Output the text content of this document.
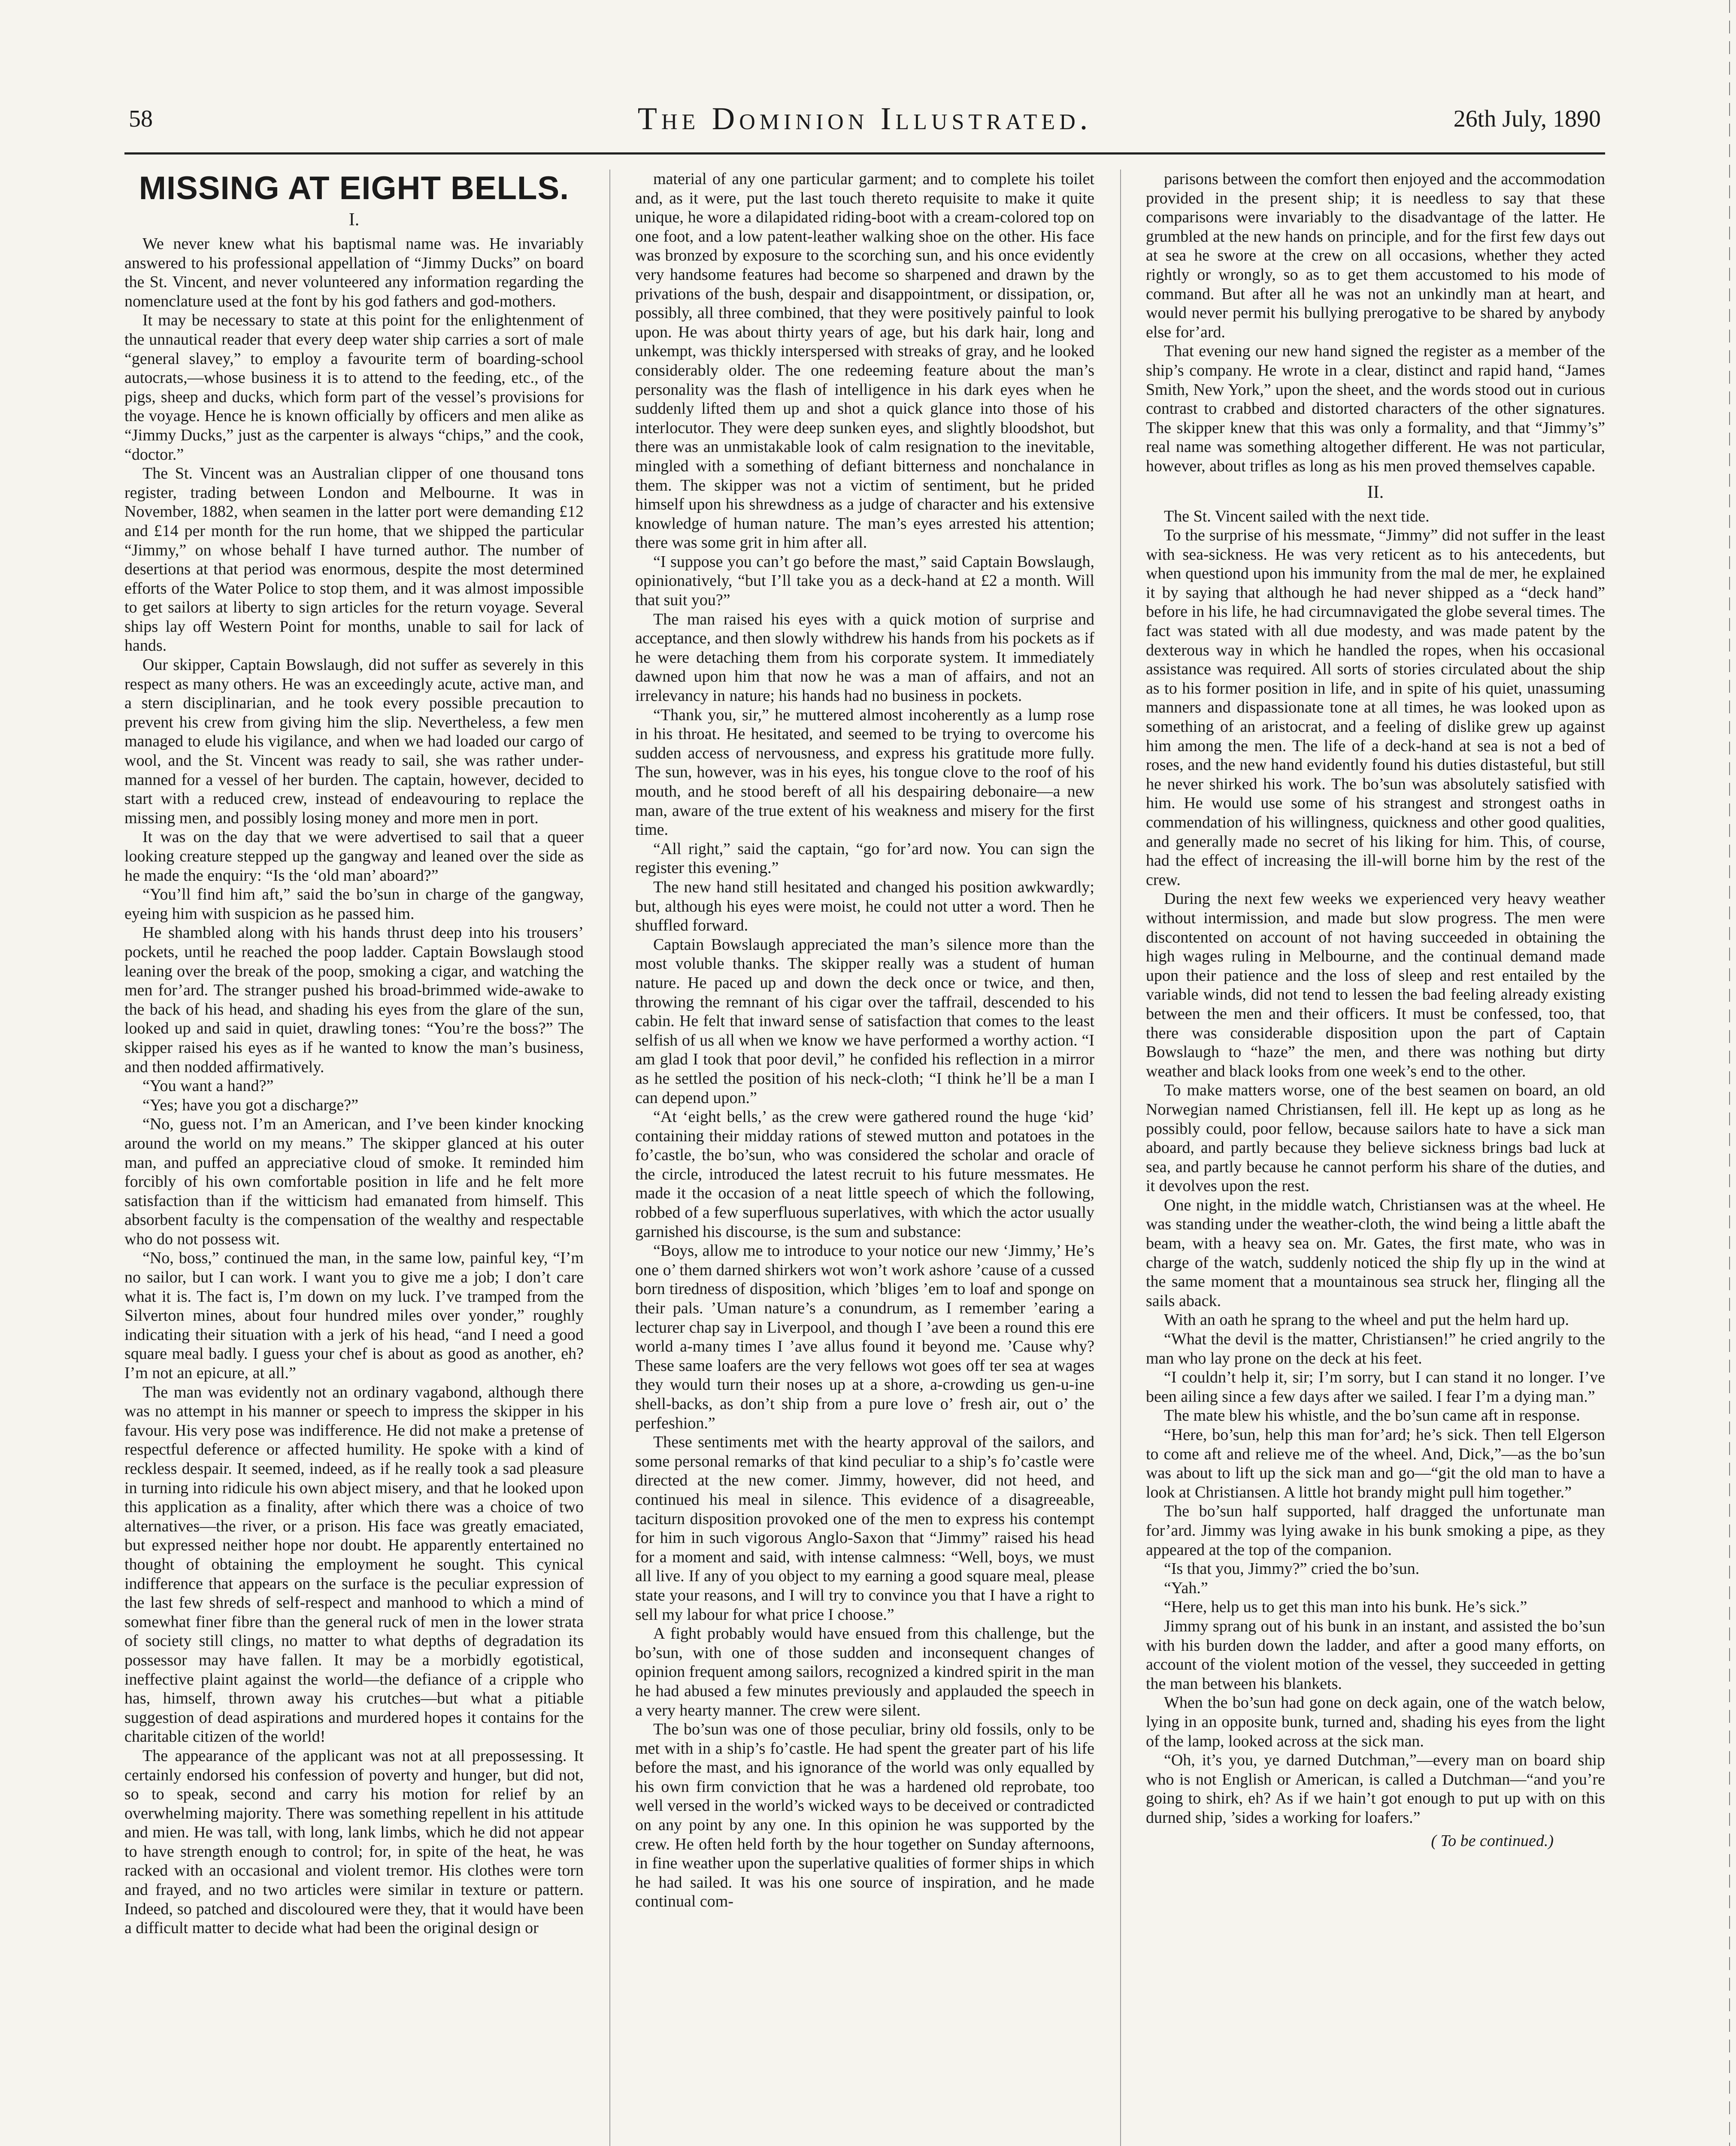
58	The Dominion Illustrated.	26th July, 1890
MISSING AT EIGHT BELLS.
I.

We never knew what his baptismal name was. He invariably answered to his professional appellation of “Jimmy Ducks” on board the St. Vincent, and never volunteered any information regarding the nomenclature used at the font by his god fathers and god-mothers.

It may be necessary to state at this point for the enlightenment of the unnautical reader that every deep water ship carries a sort of male “general slavey,” to employ a favourite term of boarding-school autocrats,—whose business it is to attend to the feeding, etc., of the pigs, sheep and ducks, which form part of the vessel’s provisions for the voyage. Hence he is known officially by officers and men alike as “Jimmy Ducks,” just as the carpenter is always “chips,” and the cook, “doctor.”

The St. Vincent was an Australian clipper of one thousand tons register, trading between London and Melbourne. It was in November, 1882, when seamen in the latter port were demanding £12 and £14 per month for the run home, that we shipped the particular “Jimmy,” on whose behalf I have turned author. The number of desertions at that period was enormous, despite the most determined efforts of the Water Police to stop them, and it was almost impossible to get sailors at liberty to sign articles for the return voyage. Several ships lay off Western Point for months, unable to sail for lack of hands.

Our skipper, Captain Bowslaugh, did not suffer as severely in this respect as many others. He was an exceedingly acute, active man, and a stern disciplinarian, and he took every possible precaution to prevent his crew from giving him the slip. Nevertheless, a few men managed to elude his vigilance, and when we had loaded our cargo of wool, and the St. Vincent was ready to sail, she was rather under-manned for a vessel of her burden. The captain, however, decided to start with a reduced crew, instead of endeavouring to replace the missing men, and possibly losing money and more men in port.

It was on the day that we were advertised to sail that a queer looking creature stepped up the gangway and leaned over the side as he made the enquiry: “Is the ‘old man’ aboard?”

“You’ll find him aft,” said the bo’sun in charge of the gangway, eyeing him with suspicion as he passed him.

He shambled along with his hands thrust deep into his trousers’ pockets, until he reached the poop ladder. Captain Bowslaugh stood leaning over the break of the poop, smoking a cigar, and watching the men for’ard. The stranger pushed his broad-brimmed wide-awake to the back of his head, and shading his eyes from the glare of the sun, looked up and said in quiet, drawling tones: “You’re the boss?” The skipper raised his eyes as if he wanted to know the man’s business, and then nodded affirmatively.

“You want a hand?”

“Yes; have you got a discharge?”

“No, guess not. I’m an American, and I’ve been kinder knocking around the world on my means.” The skipper glanced at his outer man, and puffed an appreciative cloud of smoke. It reminded him forcibly of his own comfortable position in life and he felt more satisfaction than if the witticism had emanated from himself. This absorbent faculty is the compensation of the wealthy and respectable who do not possess wit.

“No, boss,” continued the man, in the same low, painful key, “I’m no sailor, but I can work. I want you to give me a job; I don’t care what it is. The fact is, I’m down on my luck. I’ve tramped from the Silverton mines, about four hundred miles over yonder,” roughly indicating their situation with a jerk of his head, “and I need a good square meal badly. I guess your chef is about as good as another, eh? I’m not an epicure, at all.”

The man was evidently not an ordinary vagabond, although there was no attempt in his manner or speech to impress the skipper in his favour. His very pose was indifference. He did not make a pretense of respectful deference or affected humility. He spoke with a kind of reckless despair. It seemed, indeed, as if he really took a sad pleasure in turning into ridicule his own abject misery, and that he looked upon this application as a finality, after which there was a choice of two alternatives—the river, or a prison. His face was greatly emaciated, but expressed neither hope nor doubt. He apparently entertained no thought of obtaining the employment he sought. This cynical indifference that appears on the surface is the peculiar expression of the last few shreds of self-respect and manhood to which a mind of somewhat finer fibre than the general ruck of men in the lower strata of society still clings, no matter to what depths of degradation its possessor may have fallen. It may be a morbidly egotistical, ineffective plaint against the world—the defiance of a cripple who has, himself, thrown away his crutches—but what a pitiable suggestion of dead aspirations and murdered hopes it contains for the charitable citizen of the world!

The appearance of the applicant was not at all prepossessing. It certainly endorsed his confession of poverty and hunger, but did not, so to speak, second and carry his motion for relief by an overwhelming majority. There was something repellent in his attitude and mien. He was tall, with long, lank limbs, which he did not appear to have strength enough to control; for, in spite of the heat, he was racked with an occasional and violent tremor. His clothes were torn and frayed, and no two articles were similar in texture or pattern. Indeed, so patched and discoloured were they, that it would have been a difficult matter to decide what had been the original design or

material of any one particular garment; and to complete his toilet and, as it were, put the last touch thereto requisite to make it quite unique, he wore a dilapidated riding-boot with a cream-colored top on one foot, and a low patent-leather walking shoe on the other. His face was bronzed by exposure to the scorching sun, and his once evidently very handsome features had become so sharpened and drawn by the privations of the bush, despair and disappointment, or dissipation, or, possibly, all three combined, that they were positively painful to look upon. He was about thirty years of age, but his dark hair, long and unkempt, was thickly interspersed with streaks of gray, and he looked considerably older. The one redeeming feature about the man’s personality was the flash of intelligence in his dark eyes when he suddenly lifted them up and shot a quick glance into those of his interlocutor. They were deep sunken eyes, and slightly bloodshot, but there was an unmistakable look of calm resignation to the inevitable, mingled with a something of defiant bitterness and nonchalance in them. The skipper was not a victim of sentiment, but he prided himself upon his shrewdness as a judge of character and his extensive knowledge of human nature. The man’s eyes arrested his attention; there was some grit in him after all.

“I suppose you can’t go before the mast,” said Captain Bowslaugh, opinionatively, “but I’ll take you as a deck-hand at £2 a month. Will that suit you?”

The man raised his eyes with a quick motion of surprise and acceptance, and then slowly withdrew his hands from his pockets as if he were detaching them from his corporate system. It immediately dawned upon him that now he was a man of affairs, and not an irrelevancy in nature; his hands had no business in pockets.

“Thank you, sir,” he muttered almost incoherently as a lump rose in his throat. He hesitated, and seemed to be trying to overcome his sudden access of nervousness, and express his gratitude more fully. The sun, however, was in his eyes, his tongue clove to the roof of his mouth, and he stood bereft of all his despairing debonaire—a new man, aware of the true extent of his weakness and misery for the first time.

“All right,” said the captain, “go for’ard now. You can sign the register this evening.”

The new hand still hesitated and changed his position awkwardly; but, although his eyes were moist, he could not utter a word. Then he shuffled forward.

Captain Bowslaugh appreciated the man’s silence more than the most voluble thanks. The skipper really was a student of human nature. He paced up and down the deck once or twice, and then, throwing the remnant of his cigar over the taffrail, descended to his cabin. He felt that inward sense of satisfaction that comes to the least selfish of us all when we know we have performed a worthy action. “I am glad I took that poor devil,” he confided his reflection in a mirror as he settled the position of his neck-cloth; “I think he’ll be a man I can depend upon.”

“At ‘eight bells,’ as the crew were gathered round the huge ‘kid’ containing their midday rations of stewed mutton and potatoes in the fo’castle, the bo’sun, who was considered the scholar and oracle of the circle, introduced the latest recruit to his future messmates. He made it the occasion of a neat little speech of which the following, robbed of a few superfluous superlatives, with which the actor usually garnished his discourse, is the sum and substance:

“Boys, allow me to introduce to your notice our new ‘Jimmy,’ He’s one o’ them darned shirkers wot won’t work ashore ’cause of a cussed born tiredness of disposition, which ’bliges ’em to loaf and sponge on their pals. ’Uman nature’s a conundrum, as I remember ’earing a lecturer chap say in Liverpool, and though I ’ave been a round this ere world a-many times I ’ave allus found it beyond me. ’Cause why? These same loafers are the very fellows wot goes off ter sea at wages they would turn their noses up at a shore, a-crowding us gen-u-ine shell-backs, as don’t ship from a pure love o’ fresh air, out o’ the perfeshion.”

These sentiments met with the hearty approval of the sailors, and some personal remarks of that kind peculiar to a ship’s fo’castle were directed at the new comer. Jimmy, however, did not heed, and continued his meal in silence. This evidence of a disagreeable, taciturn disposition provoked one of the men to express his contempt for him in such vigorous Anglo-Saxon that “Jimmy” raised his head for a moment and said, with intense calmness: “Well, boys, we must all live. If any of you object to my earning a good square meal, please state your reasons, and I will try to convince you that I have a right to sell my labour for what price I choose.”

A fight probably would have ensued from this challenge, but the bo’sun, with one of those sudden and inconsequent changes of opinion frequent among sailors, recognized a kindred spirit in the man he had abused a few minutes previously and applauded the speech in a very hearty manner. The crew were silent.

The bo’sun was one of those peculiar, briny old fossils, only to be met with in a ship’s fo’castle. He had spent the greater part of his life before the mast, and his ignorance of the world was only equalled by his own firm conviction that he was a hardened old reprobate, too well versed in the world’s wicked ways to be deceived or contradicted on any point by any one. In this opinion he was supported by the crew. He often held forth by the hour together on Sunday afternoons, in fine weather upon the superlative qualities of former ships in which he had sailed. It was his one source of inspiration, and he made continual com-

parisons between the comfort then enjoyed and the accommodation provided in the present ship; it is needless to say that these comparisons were invariably to the disadvantage of the latter. He grumbled at the new hands on principle, and for the first few days out at sea he swore at the crew on all occasions, whether they acted rightly or wrongly, so as to get them accustomed to his mode of command. But after all he was not an unkindly man at heart, and would never permit his bullying prerogative to be shared by anybody else for’ard.

That evening our new hand signed the register as a member of the ship’s company. He wrote in a clear, distinct and rapid hand, “James Smith, New York,” upon the sheet, and the words stood out in curious contrast to crabbed and distorted characters of the other signatures. The skipper knew that this was only a formality, and that “Jimmy’s” real name was something altogether different. He was not particular, however, about trifles as long as his men proved themselves capable.

II.

The St. Vincent sailed with the next tide.

To the surprise of his messmate, “Jimmy” did not suffer in the least with sea-sickness. He was very reticent as to his antecedents, but when questiond upon his immunity from the mal de mer, he explained it by saying that although he had never shipped as a “deck hand” before in his life, he had circumnavigated the globe several times. The fact was stated with all due modesty, and was made patent by the dexterous way in which he handled the ropes, when his occasional assistance was required. All sorts of stories circulated about the ship as to his former position in life, and in spite of his quiet, unassuming manners and dispassionate tone at all times, he was looked upon as something of an aristocrat, and a feeling of dislike grew up against him among the men. The life of a deck-hand at sea is not a bed of roses, and the new hand evidently found his duties distasteful, but still he never shirked his work. The bo’sun was absolutely satisfied with him. He would use some of his strangest and strongest oaths in commendation of his willingness, quickness and other good qualities, and generally made no secret of his liking for him. This, of course, had the effect of increasing the ill-will borne him by the rest of the crew.

During the next few weeks we experienced very heavy weather without intermission, and made but slow progress. The men were discontented on account of not having succeeded in obtaining the high wages ruling in Melbourne, and the continual demand made upon their patience and the loss of sleep and rest entailed by the variable winds, did not tend to lessen the bad feeling already existing between the men and their officers. It must be confessed, too, that there was considerable disposition upon the part of Captain Bowslaugh to “haze” the men, and there was nothing but dirty weather and black looks from one week’s end to the other.

To make matters worse, one of the best seamen on board, an old Norwegian named Christiansen, fell ill. He kept up as long as he possibly could, poor fellow, because sailors hate to have a sick man aboard, and partly because they believe sickness brings bad luck at sea, and partly because he cannot perform his share of the duties, and it devolves upon the rest.

One night, in the middle watch, Christiansen was at the wheel. He was standing under the weather-cloth, the wind being a little abaft the beam, with a heavy sea on. Mr. Gates, the first mate, who was in charge of the watch, suddenly noticed the ship fly up in the wind at the same moment that a mountainous sea struck her, flinging all the sails aback.

With an oath he sprang to the wheel and put the helm hard up.

“What the devil is the matter, Christiansen!” he cried angrily to the man who lay prone on the deck at his feet.

“I couldn’t help it, sir; I’m sorry, but I can stand it no longer. I’ve been ailing since a few days after we sailed. I fear I’m a dying man.”

The mate blew his whistle, and the bo’sun came aft in response.

“Here, bo’sun, help this man for’ard; he’s sick. Then tell Elgerson to come aft and relieve me of the wheel. And, Dick,”—as the bo’sun was about to lift up the sick man and go—“git the old man to have a look at Christiansen. A little hot brandy might pull him together.”

The bo’sun half supported, half dragged the unfortunate man for’ard. Jimmy was lying awake in his bunk smoking a pipe, as they appeared at the top of the companion.

“Is that you, Jimmy?” cried the bo’sun.

“Yah.”

“Here, help us to get this man into his bunk. He’s sick.”

Jimmy sprang out of his bunk in an instant, and assisted the bo’sun with his burden down the ladder, and after a good many efforts, on account of the violent motion of the vessel, they succeeded in getting the man between his blankets.

When the bo’sun had gone on deck again, one of the watch below, lying in an opposite bunk, turned and, shading his eyes from the light of the lamp, looked across at the sick man.

“Oh, it’s you, ye darned Dutchman,”—every man on board ship who is not English or American, is called a Dutchman—“and you’re going to shirk, eh? As if we hain’t got enough to put up with on this durned ship, ’sides a working for loafers.”

( To be continued.)
